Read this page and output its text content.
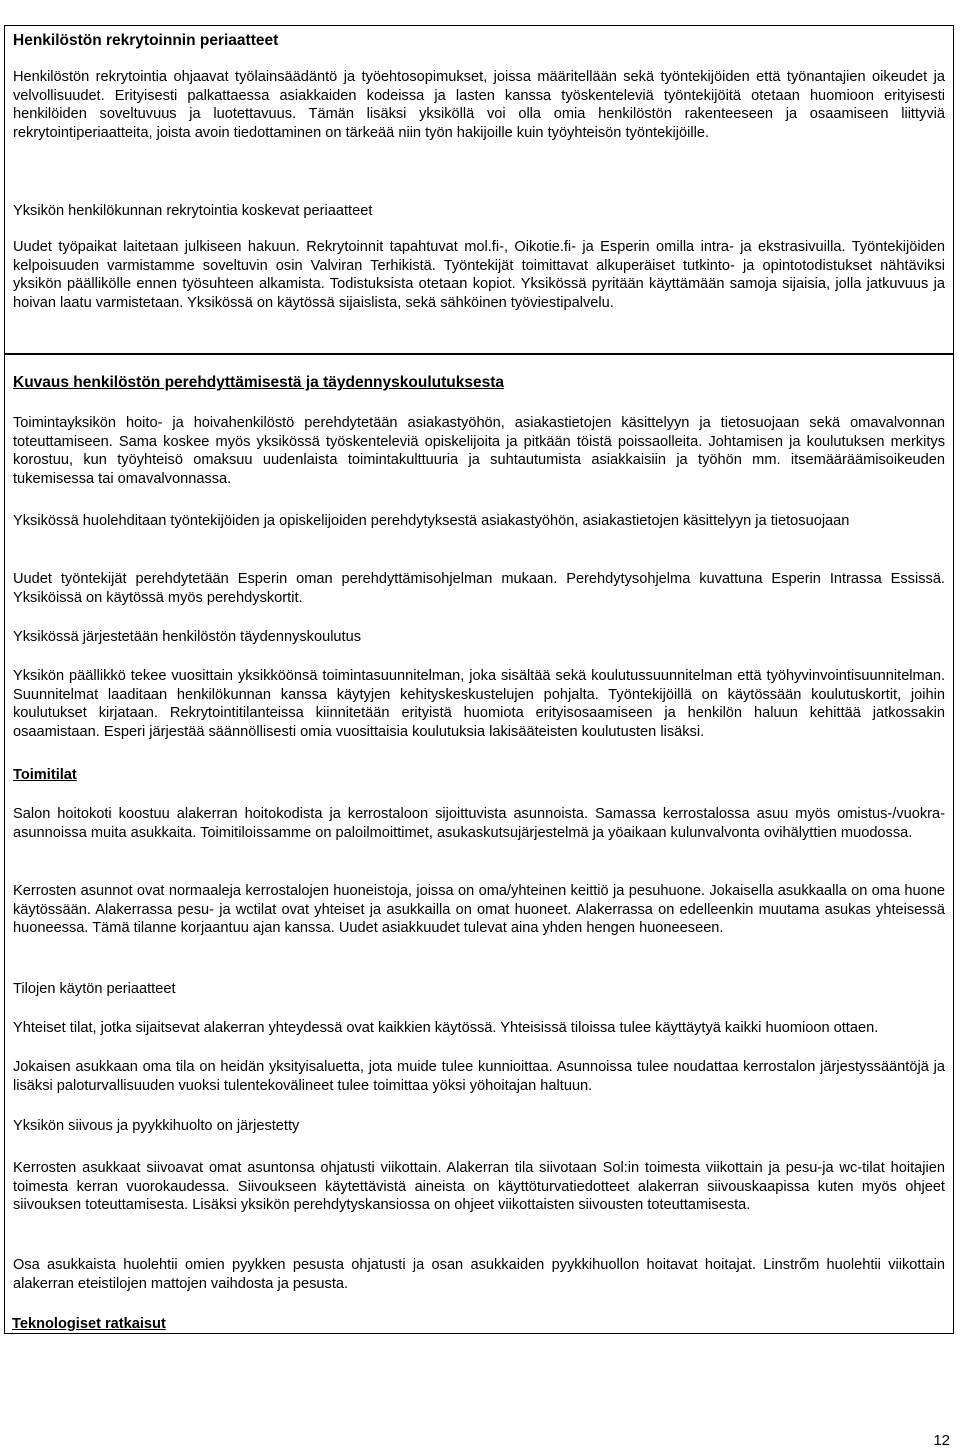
Henkilöstön rekrytoinnin periaatteet

Henkilöstön rekrytointia ohjaavat työlainsäädäntö ja työehtosopimukset, joissa määritellään sekä työntekijöiden että työnantajien oikeudet ja velvollisuudet. Erityisesti palkattaessa asiakkaiden kodeissa ja lasten kanssa työskenteleviä työntekijöitä otetaan huomioon erityisesti henkilöiden soveltuvuus ja luotettavuus. Tämän lisäksi yksiköllä voi olla omia henkilöstön rakenteeseen ja osaamiseen liittyviä rekrytointiperiaatteita, joista avoin tiedottaminen on tärkeää niin työn hakijoille kuin työyhteisön työntekijöille.

Yksikön henkilökunnan rekrytointia koskevat periaatteet

Uudet työpaikat laitetaan julkiseen hakuun. Rekrytoinnit tapahtuvat mol.fi-, Oikotie.fi- ja Esperin omilla intra- ja ekstrasivuilla. Työntekijöiden kelpoisuuden varmistamme soveltuvin osin Valviran Terhikistä. Työntekijät toimittavat alkuperäiset tutkinto- ja opintotodistukset nähtäviksi yksikön päällikölle ennen työsuhteen alkamista. Todistuksista otetaan kopiot. Yksikössä pyritään käyttämään samoja sijaisia, jolla jatkuvuus ja hoivan laatu varmistetaan. Yksikössä on käytössä sijaislista, sekä sähköinen työviestipalvelu.

Kuvaus henkilöstön perehdyttämisestä ja täydennyskoulutuksesta

Toimintayksikön hoito- ja hoivahenkilöstö perehdytetään asiakastyöhön, asiakastietojen käsittelyyn ja tietosuojaan sekä omavalvonnan toteuttamiseen. Sama koskee myös yksikössä työskenteleviä opiskelijoita ja pitkään töistä poissaolleita. Johtamisen ja koulutuksen merkitys korostuu, kun työyhteisö omaksuu uudenlaista toimintakulttuuria ja suhtautumista asiakkaisiin ja työhön mm. itsemääräämisoikeuden tukemisessa tai omavalvonnassa.

Yksikössä huolehditaan työntekijöiden ja opiskelijoiden perehdytyksestä asiakastyöhön, asiakastietojen käsittelyyn ja tietosuojaan

Uudet työntekijät perehdytetään Esperin oman perehdyttämisohjelman mukaan. Perehdytysohjelma kuvattuna Esperin Intrassa Essissä. Yksiköissä on käytössä myös perehdyskortit.

Yksikössä järjestetään henkilöstön täydennyskoulutus

Yksikön päällikkö tekee vuosittain yksikköönsä toimintasuunnitelman, joka sisältää sekä koulutussuunnitelman että työhyvinvointisuunnitelman. Suunnitelmat laaditaan henkilökunnan kanssa käytyjen kehityskeskustelujen pohjalta. Työntekijöillä on käytössään koulutuskortit, joihin koulutukset kirjataan. Rekrytointitilanteissa kiinnitetään erityistä huomiota erityisosaamiseen ja henkilön haluun kehittää jatkossakin osaamistaan. Esperi järjestää säännöllisesti omia vuosittaisia koulutuksia lakisääteisten koulutusten lisäksi.

Toimitilat

Salon hoitokoti koostuu alakerran hoitokodista ja kerrostaloon sijoittuvista asunnoista. Samassa kerrostalossa asuu myös omistus-/vuokra-asunnoissa muita asukkaita. Toimitiloissamme on paloilmoittimet, asukaskutsujärjestelmä ja yöaikaan kulunvalvonta ovihälyttien muodossa.

Kerrosten asunnot ovat normaaleja kerrostalojen huoneistoja, joissa on oma/yhteinen keittiö ja pesuhuone. Jokaisella asukkaalla on oma huone käytössään. Alakerrassa pesu- ja wctilat ovat yhteiset ja asukkailla on omat huoneet. Alakerrassa on edelleenkin muutama asukas yhteisessä huoneessa. Tämä tilanne korjaantuu ajan kanssa. Uudet asiakkuudet tulevat aina yhden hengen huoneeseen.

Tilojen käytön periaatteet

Yhteiset tilat, jotka sijaitsevat alakerran yhteydessä ovat kaikkien käytössä. Yhteisissä tiloissa tulee käyttäytyä kaikki huomioon ottaen.

Jokaisen asukkaan oma tila on heidän yksityisaluetta, jota muide tulee kunnioittaa. Asunnoissa tulee noudattaa kerrostalon järjestyssääntöjä ja lisäksi paloturvallisuuden vuoksi tulentekovälineet tulee toimittaa yöksi yöhoitajan haltuun.

Yksikön siivous ja pyykkihuolto on järjestetty

Kerrosten asukkaat siivoavat omat asuntonsa ohjatusti viikottain. Alakerran tila siivotaan Sol:in toimesta viikottain ja pesu-ja wc-tilat hoitajien toimesta kerran vuorokaudessa. Siivoukseen käytettävistä aineista on käyttöturvatiedotteet alakerran siivouskaapissa kuten myös ohjeet siivouksen toteuttamisesta. Lisäksi yksikön perehdytyskansiossa on ohjeet viikottaisten siivousten toteuttamisesta.

Osa asukkaista huolehtii omien pyykken pesusta ohjatusti ja osan asukkaiden pyykkihuollon hoitavat hoitajat. Linstrőm huolehtii viikottain alakerran eteistilojen mattojen vaihdosta ja pesusta.

Teknologiset ratkaisut

12
